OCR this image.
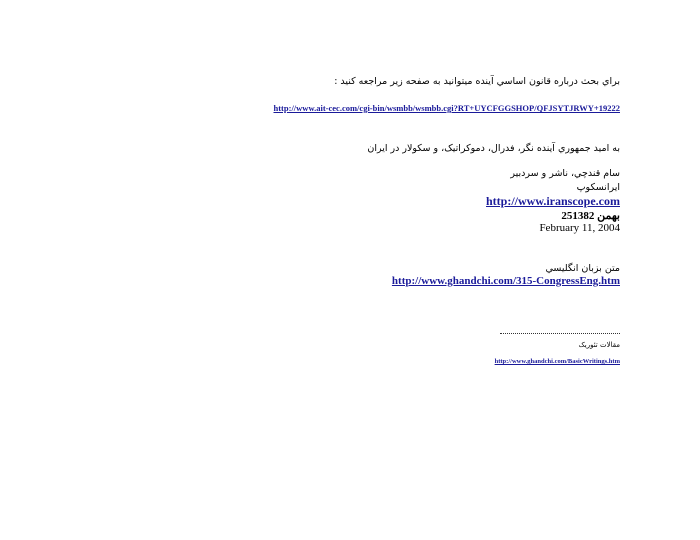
براي بحث درباره قانون اساسي آينده ميتوانيد به صفحه زير مراجعه كنيد :
http://www.ait-cec.com/cgi-bin/wsmbb/wsmbb.cgi?RT+UYCFGGSHOP/QFJSYTJRWY+19222
به اميد جمهوري آينده نگر، فدرال، دموكراتيک، و سكولار در ايران
سام قندچي، ناشر و سردبير
ايرانسكوپ
http://www.iranscope.com
25بهمن 1382
February 11, 2004
متن بزبان انگليسي
http://www.ghandchi.com/315-CongressEng.htm
مقالات تئوريک
http://www.ghandchi.com/BasicWritings.htm
